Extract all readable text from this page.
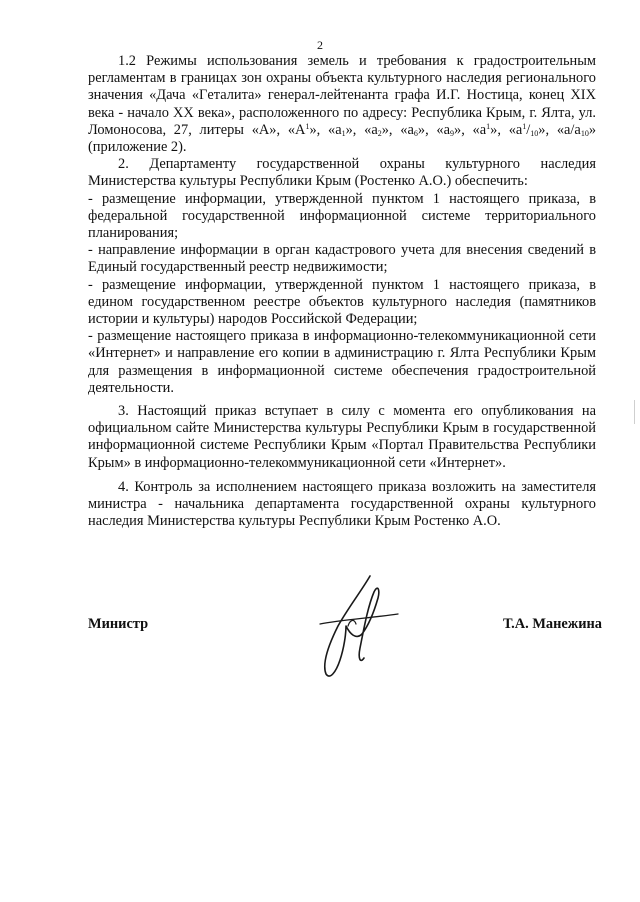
2

1.2 Режимы использования земель и требования к градостроительным регламентам в границах зон охраны объекта культурного наследия регионального значения «Дача «Гeталита» генерал-лейтенанта графа И.Г. Ностица, конец XIX века - начало XX века», расположенного по адресу: Республика Крым, г. Ялта, ул. Ломоносова, 27, литеры «А», «$А^1$», «$а_1$», «$а_2$», «$а_6$», «$а_9$», «$а^1$», «$а^1/_{10}$», «$а/а_{10}$» (приложение 2).

2. Департаменту государственной охраны культурного наследия Министерства культуры Республики Крым (Ростенко А.О.) обеспечить:

- размещение информации, утвержденной пунктом 1 настоящего приказа, в федеральной государственной информационной системе территориального планирования;

- направление информации в орган кадастрового учета для внесения сведений в Единый государственный реестр недвижимости;

- размещение информации, утвержденной пунктом 1 настоящего приказа, в едином государственном реестре объектов культурного наследия (памятников истории и культуры) народов Российской Федерации;

- размещение настоящего приказа в информационно-телекоммуникационной сети «Интернет» и направление его копии в администрацию г. Ялта Республики Крым для размещения в информационной системе обеспечения градостроительной деятельности.

3. Настоящий приказ вступает в силу с момента его опубликования на официальном сайте Министерства культуры Республики Крым в государственной информационной системе Республики Крым «Портал Правительства Республики Крым» в информационно-телекоммуникационной сети «Интернет».

4. Контроль за исполнением настоящего приказа возложить на заместителя министра - начальника департамента государственной охраны культурного наследия Министерства культуры Республики Крым Ростенко А.О.

Министр	Т.А. Манежина
